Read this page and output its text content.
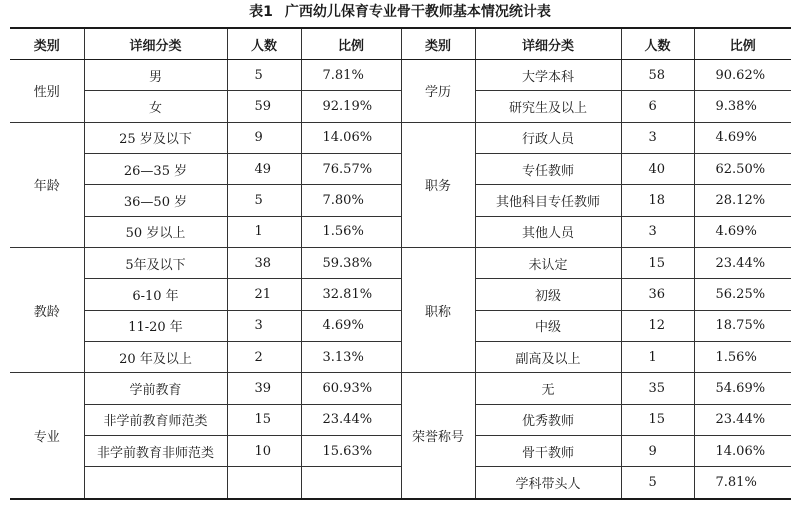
表1 广西幼儿保育专业骨干教师基本情况统计表
类别	详细分类	人数	比例	类别	详细分类	人数	比例
性别	男	5	7.81%	学历	大学本科	58	90.62%
	女	59	92.19%		研究生及以上	6	9.38%
年龄	25 岁及以下	9	14.06%	职务	行政人员	3	4.69%
	26—35 岁	49	76.57%		专任教师	40	62.50%
	36—50 岁	5	7.80%		其他科目专任教师	18	28.12%
	50 岁以上	1	1.56%		其他人员	3	4.69%
教龄	5年及以下	38	59.38%	职称	未认定	15	23.44%
	6-10 年	21	32.81%		初级	36	56.25%
	11-20 年	3	4.69%		中级	12	18.75%
	20 年及以上	2	3.13%		副高及以上	1	1.56%
专业	学前教育	39	60.93%	荣誉称号	无	35	54.69%
	非学前教育师范类	15	23.44%		优秀教师	15	23.44%
	非学前教育非师范类	10	15.63%		骨干教师	9	14.06%
					学科带头人	5	7.81%
